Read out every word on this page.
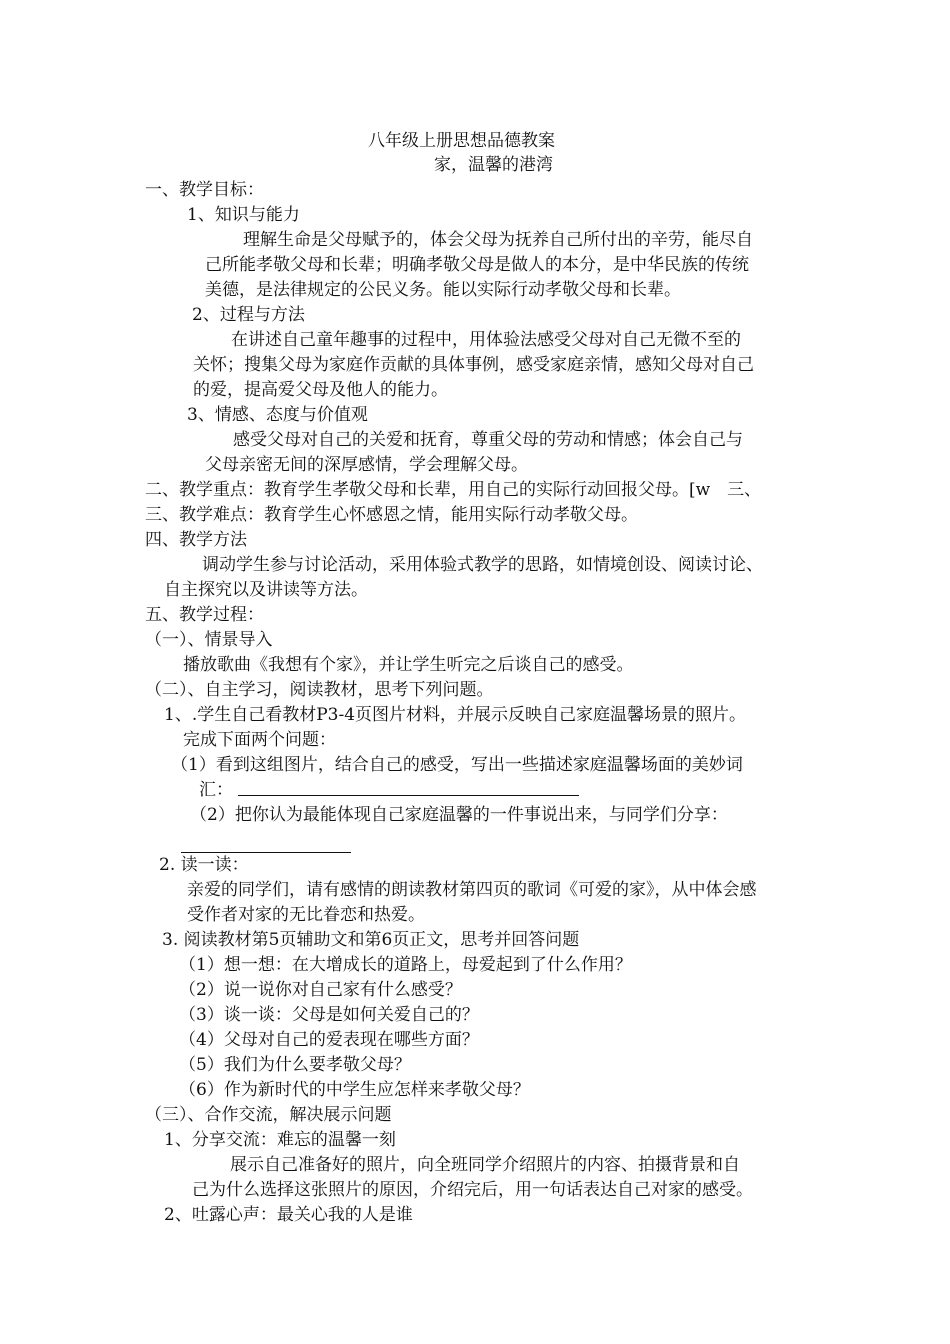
八年级上册思想品德教案
家，温馨的港湾
一、教学目标：
1、知识与能力
理解生命是父母赋予的，体会父母为抚养自己所付出的辛劳，能尽自
己所能孝敬父母和长辈；明确孝敬父母是做人的本分，是中华民族的传统
美德，是法律规定的公民义务。能以实际行动孝敬父母和长辈。
2、过程与方法
在讲述自己童年趣事的过程中，用体验法感受父母对自己无微不至的
关怀；搜集父母为家庭作贡献的具体事例，感受家庭亲情，感知父母对自己
的爱，提高爱父母及他人的能力。
3、情感、态度与价值观
感受父母对自己的关爱和抚育，尊重父母的劳动和情感；体会自己与
父母亲密无间的深厚感情，学会理解父母。
二、教学重点：教育学生孝敬父母和长辈，用自己的实际行动回报父母。[w　三、
三、教学难点：教育学生心怀感恩之情，能用实际行动孝敬父母。
四、教学方法
调动学生参与讨论活动，采用体验式教学的思路，如情境创设、阅读讨论、
自主探究以及讲读等方法。
五、教学过程：
（一）、情景导入
播放歌曲《我想有个家》，并让学生听完之后谈自己的感受。
（二）、自主学习，阅读教材，思考下列问题。
1、.学生自己看教材P3-4页图片材料，并展示反映自己家庭温馨场景的照片。
完成下面两个问题：
（1）看到这组图片，结合自己的感受，写出一些描述家庭温馨场面的美妙词
汇：
（2）把你认为最能体现自己家庭温馨的一件事说出来，与同学们分享：
2. 读一读：
亲爱的同学们，请有感情的朗读教材第四页的歌词《可爱的家》，从中体会感
受作者对家的无比眷恋和热爱。
3. 阅读教材第5页辅助文和第6页正文，思考并回答问题
（1）想一想：在大增成长的道路上，母爱起到了什么作用？
（2）说一说你对自己家有什么感受？
（3）谈一谈：父母是如何关爱自己的？
（4）父母对自己的爱表现在哪些方面？
（5）我们为什么要孝敬父母？
（6）作为新时代的中学生应怎样来孝敬父母？
（三）、合作交流，解决展示问题
1、分享交流：难忘的温馨一刻
展示自己准备好的照片，向全班同学介绍照片的内容、拍摄背景和自
己为什么选择这张照片的原因，介绍完后，用一句话表达自己对家的感受。
2、吐露心声：最关心我的人是谁
